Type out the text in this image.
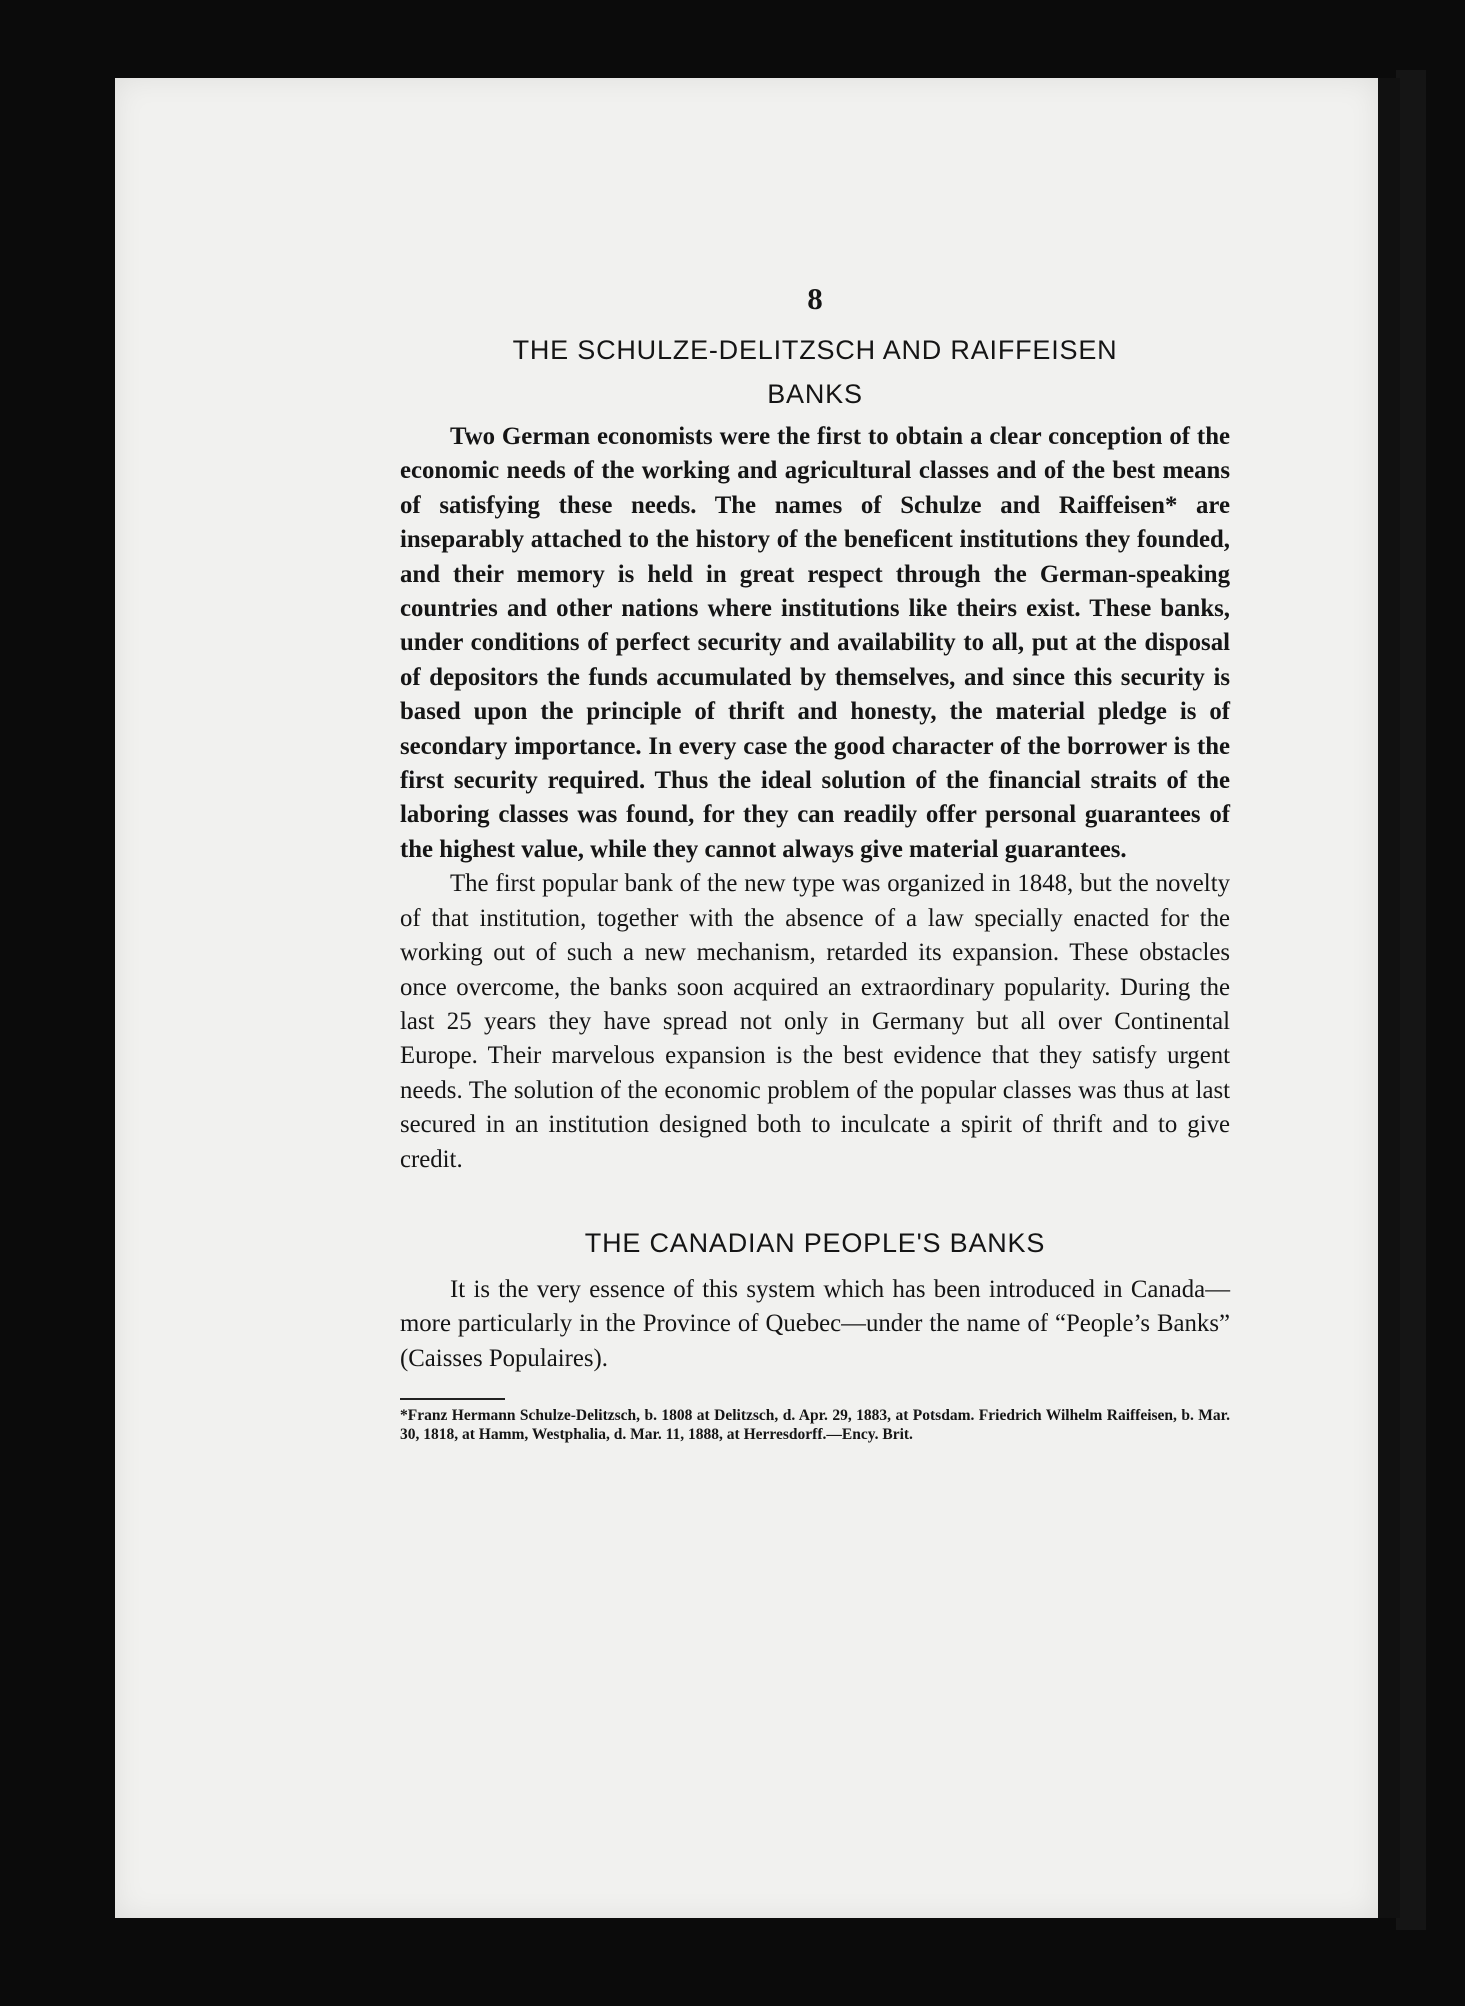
8
THE SCHULZE-DELITZSCH AND RAIFFEISEN
BANKS

Two German economists were the first to obtain a clear conception of the economic needs of the working and agricultural classes and of the best means of satisfying these needs. The names of Schulze and Raiffeisen* are inseparably attached to the history of the beneficent institutions they founded, and their memory is held in great respect through the German-speaking countries and other nations where institutions like theirs exist. These banks, under conditions of perfect security and availability to all, put at the disposal of depositors the funds accumulated by themselves, and since this security is based upon the principle of thrift and honesty, the material pledge is of secondary importance. In every case the good character of the borrower is the first security required. Thus the ideal solution of the financial straits of the laboring classes was found, for they can readily offer personal guarantees of the highest value, while they cannot always give material guarantees.

The first popular bank of the new type was organized in 1848, but the novelty of that institution, together with the absence of a law specially enacted for the working out of such a new mechanism, retarded its expansion. These obstacles once overcome, the banks soon acquired an extraordinary popularity. During the last 25 years they have spread not only in Germany but all over Continental Europe. Their marvelous expansion is the best evidence that they satisfy urgent needs. The solution of the economic problem of the popular classes was thus at last secured in an institution designed both to inculcate a spirit of thrift and to give credit.

THE CANADIAN PEOPLE'S BANKS

It is the very essence of this system which has been introduced in Canada—more particularly in the Province of Quebec—under the name of “People’s Banks” (Caisses Populaires).

*Franz Hermann Schulze-Delitzsch, b. 1808 at Delitzsch, d. Apr. 29, 1883, at Potsdam. Friedrich Wilhelm Raiffeisen, b. Mar. 30, 1818, at Hamm, Westphalia, d. Mar. 11, 1888, at Herresdorff.—Ency. Brit.
